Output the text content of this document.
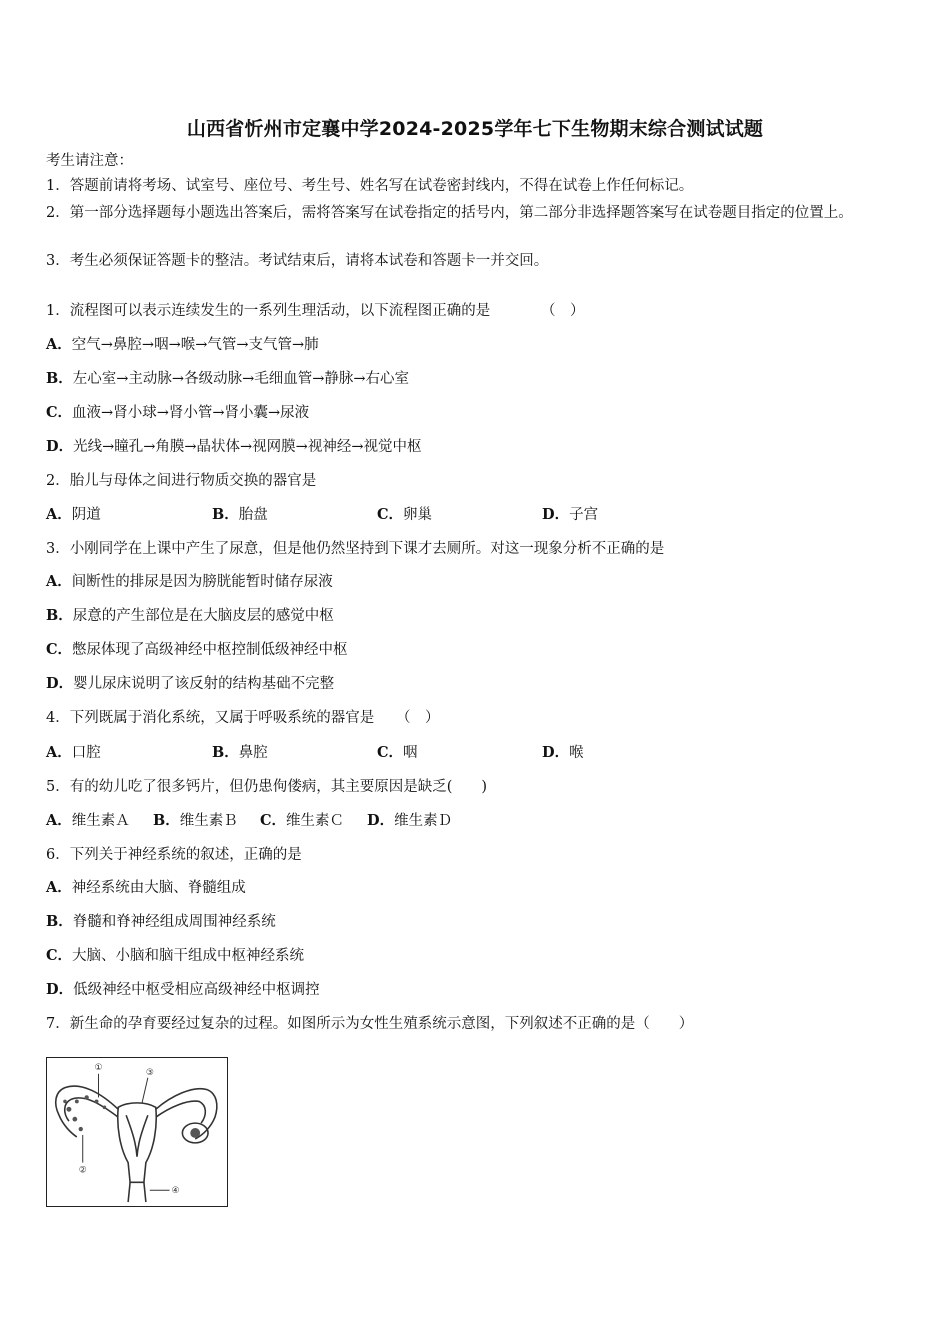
山西省忻州市定襄中学2024-2025学年七下生物期末综合测试试题
考生请注意：
1．答题前请将考场、试室号、座位号、考生号、姓名写在试卷密封线内，不得在试卷上作任何标记。
2．第一部分选择题每小题选出答案后，需将答案写在试卷指定的括号内，第二部分非选择题答案写在试卷题目指定的位置上。
3．考生必须保证答题卡的整洁。考试结束后，请将本试卷和答题卡一并交回。
1．流程图可以表示连续发生的一系列生理活动，以下流程图正确的是　　　　（　）
A．空气→鼻腔→咽→喉→气管→支气管→肺
B．左心室→主动脉→各级动脉→毛细血管→静脉→右心室
C．血液→肾小球→肾小管→肾小囊→尿液
D．光线→瞳孔→角膜→晶状体→视网膜→视神经→视觉中枢
2．胎儿与母体之间进行物质交换的器官是
A．阴道	B．胎盘	C．卵巢	D．子宫
3．小刚同学在上课中产生了尿意，但是他仍然坚持到下课才去厕所。对这一现象分析不正确的是
A．间断性的排尿是因为膀胱能暂时储存尿液
B．尿意的产生部位是在大脑皮层的感觉中枢
C．憋尿体现了高级神经中枢控制低级神经中枢
D．婴儿尿床说明了该反射的结构基础不完整
4．下列既属于消化系统，又属于呼吸系统的器官是　　（　）
A．口腔	B．鼻腔	C．咽	D．喉
5．有的幼儿吃了很多钙片，但仍患佝偻病，其主要原因是缺乏(　　)
A．维生素Ａ B．维生素Ｂ C．维生素Ｃ D．维生素Ｄ
6．下列关于神经系统的叙述，正确的是
A．神经系统由大脑、脊髓组成
B．脊髓和脊神经组成周围神经系统
C．大脑、小脑和脑干组成中枢神经系统
D．低级神经中枢受相应高级神经中枢调控
7．新生命的孕育要经过复杂的过程。如图所示为女性生殖系统示意图，下列叙述不正确的是（　　）
①	③
②
④
